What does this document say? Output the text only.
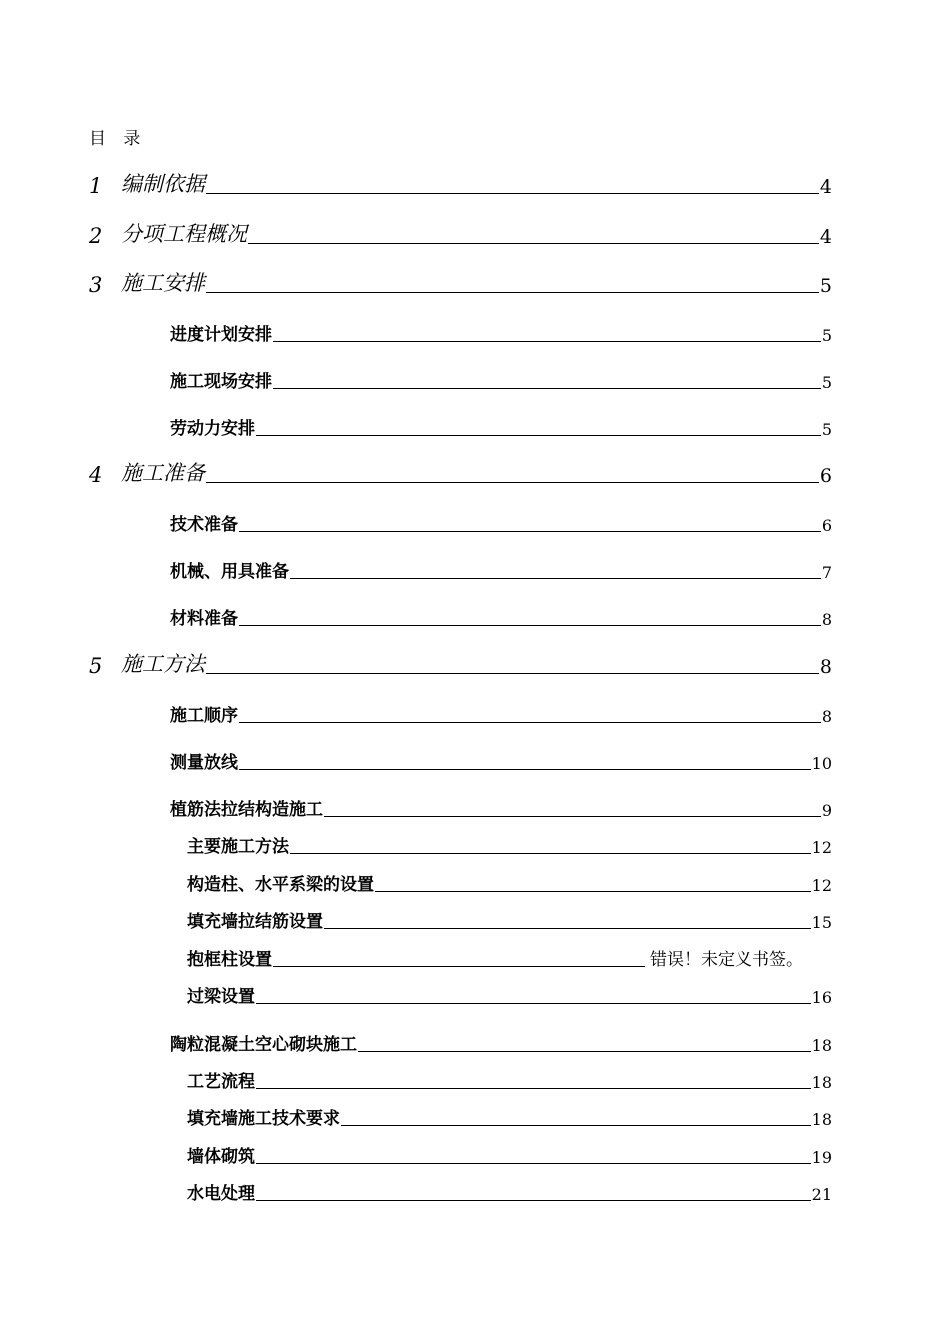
目 录
1 编制依据	4
2 分项工程概况	4
3 施工安排	5
进度计划安排	5
施工现场安排	5
劳动力安排	5
4 施工准备	6
技术准备	6
机械、用具准备	7
材料准备	8
5 施工方法	8
施工顺序	8
测量放线	10
植筋法拉结构造施工	9
主要施工方法	12
构造柱、水平系梁的设置	12
填充墙拉结筋设置	15
抱框柱设置	错误！未定义书签。
过梁设置	16
陶粒混凝土空心砌块施工	18
工艺流程	18
填充墙施工技术要求	18
墙体砌筑	19
水电处理	21
